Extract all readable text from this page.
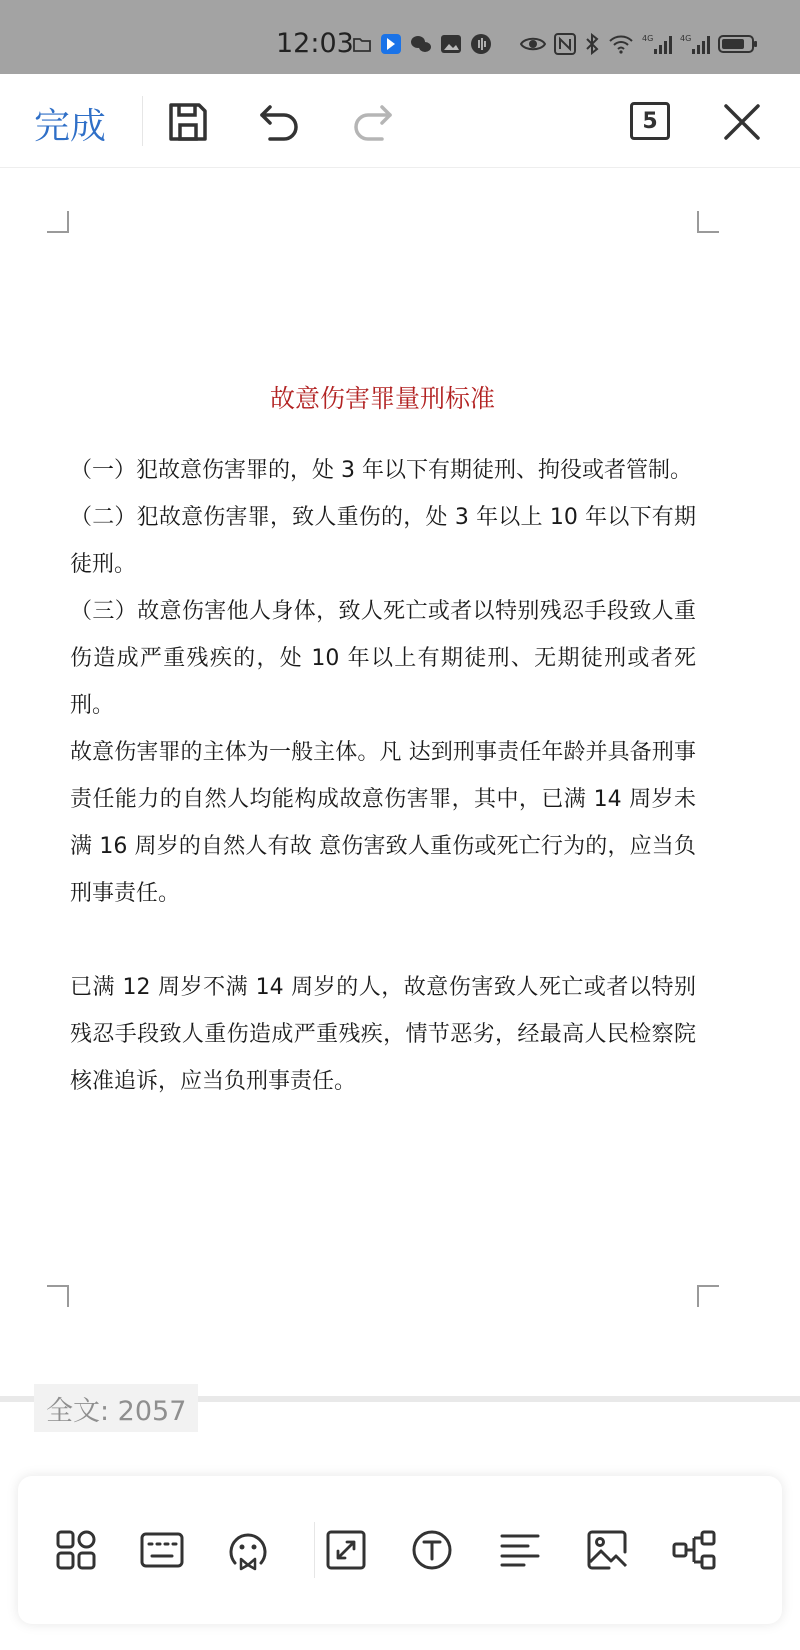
12:03	4G	4G
完成	5
故意伤害罪量刑标准

（一）犯故意伤害罪的，处 3 年以下有期徒刑、拘役或者管制。

（二）犯故意伤害罪，致人重伤的，处 3 年以上 10 年以下有期徒刑。

（三）故意伤害他人身体，致人死亡或者以特别残忍手段致人重伤造成严重残疾的，处 10 年以上有期徒刑、无期徒刑或者死刑。

故意伤害罪的主体为一般主体。凡 达到刑事责任年龄并具备刑事责任能力的自然人均能构成故意伤害罪，其中，已满 14 周岁未满 16 周岁的自然人有故 意伤害致人重伤或死亡行为的，应当负刑事责任。

已满 12 周岁不满 14 周岁的人，故意伤害致人死亡或者以特别残忍手段致人重伤造成严重残疾，情节恶劣，经最高人民检察院核准追诉，应当负刑事责任。

全文: 2057
